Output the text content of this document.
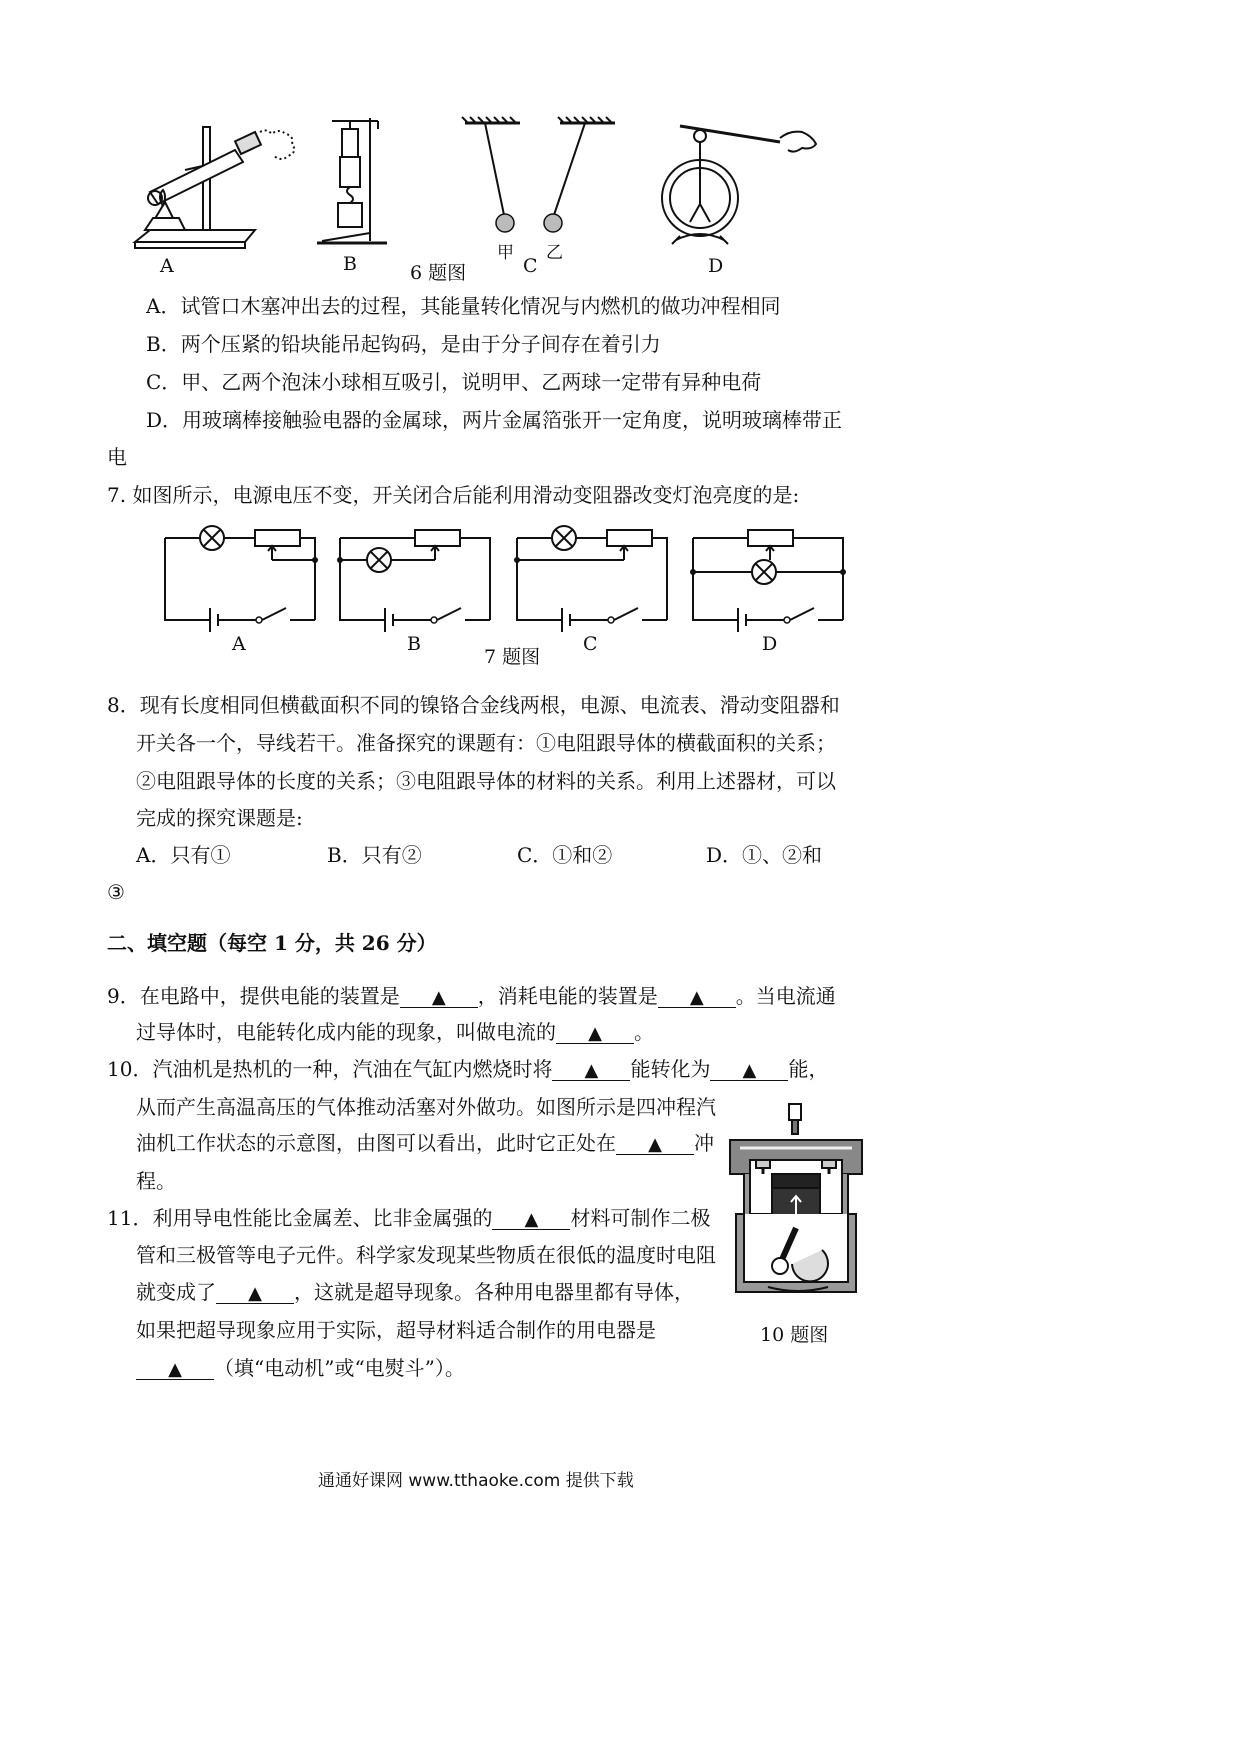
A	B	6 题图
甲 乙
C	D
A．试管口木塞冲出去的过程，其能量转化情况与内燃机的做功冲程相同
B．两个压紧的铅块能吊起钩码，是由于分子间存在着引力
C．甲、乙两个泡沫小球相互吸引，说明甲、乙两球一定带有异种电荷
D．用玻璃棒接触验电器的金属球，两片金属箔张开一定角度，说明玻璃棒带正
电
7. 如图所示，电源电压不变，开关闭合后能利用滑动变阻器改变灯泡亮度的是:
A	B
7 题图
C	D
8．现有长度相同但横截面积不同的镍铬合金线两根，电源、电流表、滑动变阻器和
开关各一个，导线若干。准备探究的课题有：①电阻跟导体的横截面积的关系；
②电阻跟导体的长度的关系；③电阻跟导体的材料的关系。利用上述器材，可以
完成的探究课题是:
A．只有①	B．只有②	C．①和②	D．①、②和
③
二、填空题（每空 1 分，共 26 分）
9．在电路中，提供电能的装置是 ▲ ，消耗电能的装置是 ▲ 。当电流通
过导体时，电能转化成内能的现象，叫做电流的 ▲ 。
10．汽油机是热机的一种，汽油在气缸内燃烧时将 ▲ 能转化为 ▲ 能，
从而产生高温高压的气体推动活塞对外做功。如图所示是四冲程汽
油机工作状态的示意图，由图可以看出，此时它正处在 ▲ 冲
程。
10 题图
11．利用导电性能比金属差、比非金属强的 ▲ 材料可制作二极
管和三极管等电子元件。科学家发现某些物质在很低的温度时电阻
就变成了 ▲ ，这就是超导现象。各种用电器里都有导体，
如果把超导现象应用于实际，超导材料适合制作的用电器是
▲ （填“电动机”或“电熨斗”）。
通通好课网 www.tthaoke.com 提供下载
